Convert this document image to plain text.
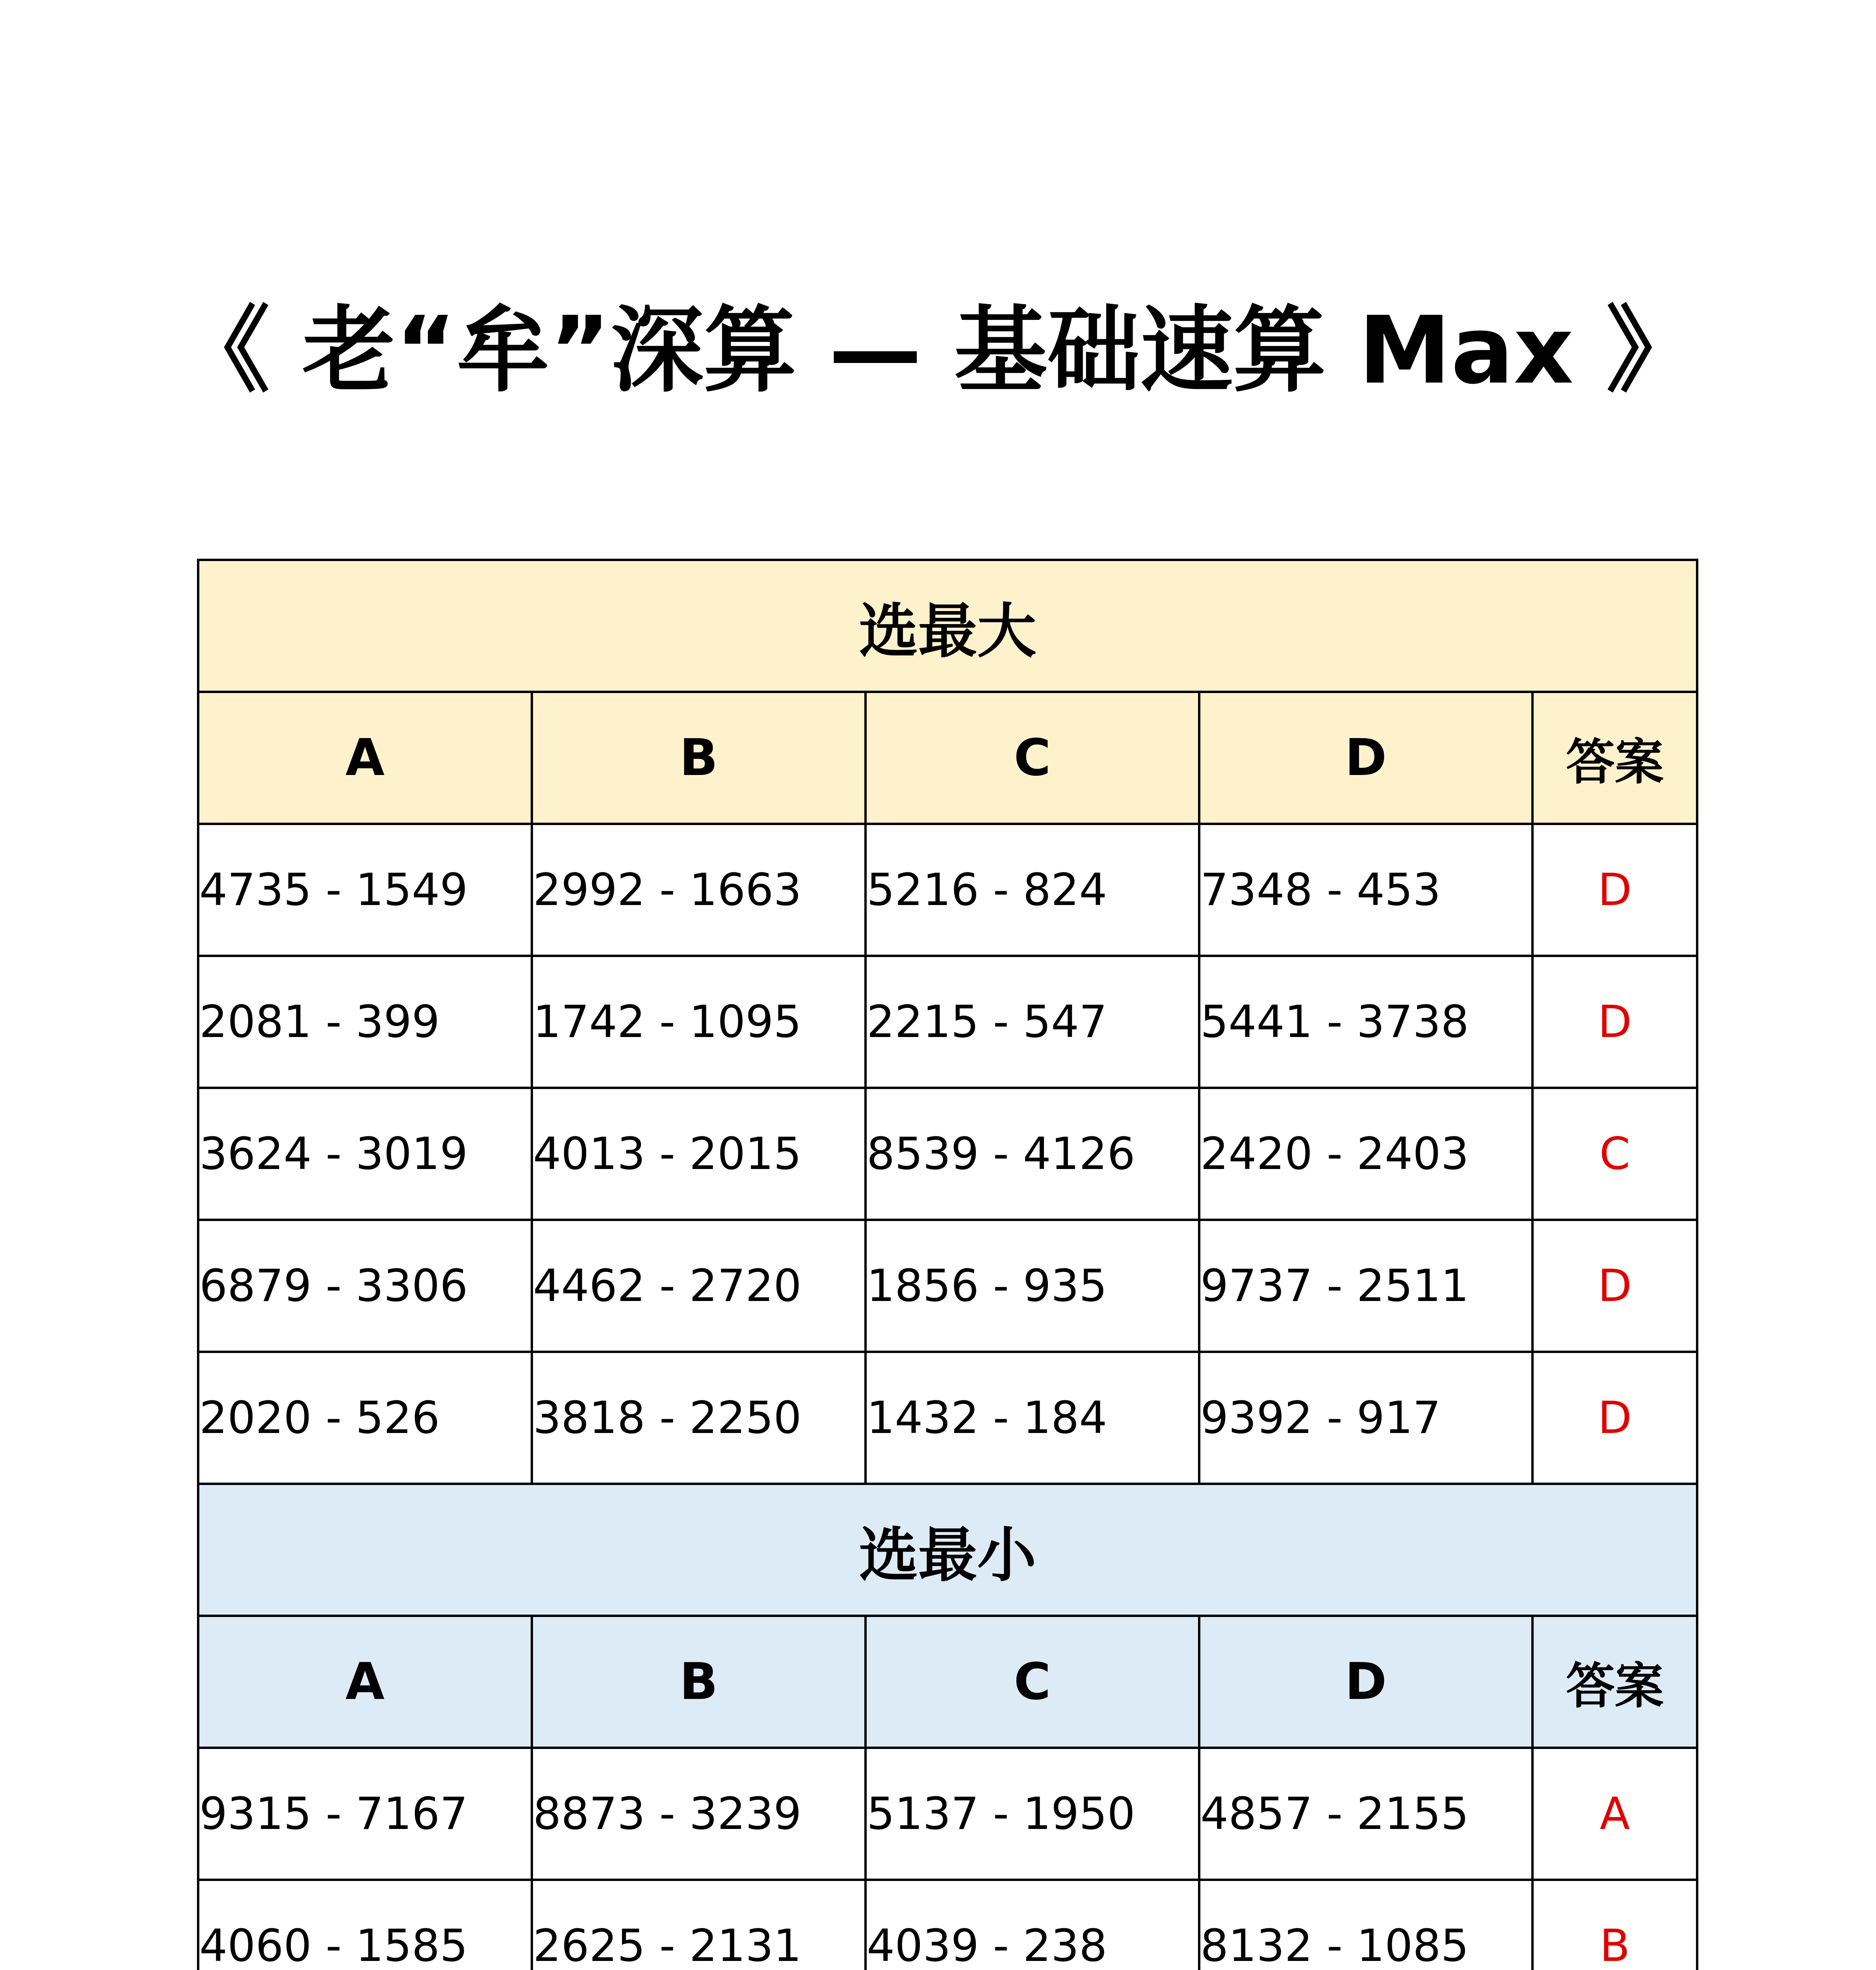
《 老“牟”深算 — 基础速算 Max 》
选最大				
A	B	C	D	答案
4735 - 1549	2992 - 1663	5216 - 824	7348 - 453	D
2081 - 399	1742 - 1095	2215 - 547	5441 - 3738	D
3624 - 3019	4013 - 2015	8539 - 4126	2420 - 2403	C
6879 - 3306	4462 - 2720	1856 - 935	9737 - 2511	D
2020 - 526	3818 - 2250	1432 - 184	9392 - 917	D
选最小				
A	B	C	D	答案
9315 - 7167	8873 - 3239	5137 - 1950	4857 - 2155	A
4060 - 1585	2625 - 2131	4039 - 238	8132 - 1085	B
